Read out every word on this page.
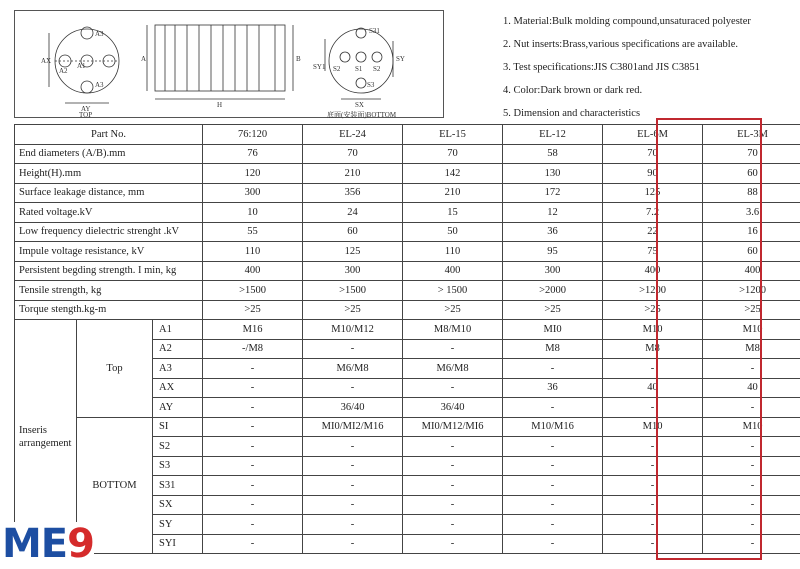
A3
A1
A2
A3
AX
AY
TOP
A	B
H
S31
S2 S1 S2
SY1
SY
S3
SX
底面(安装面)BOTTOM
1. Material:Bulk molding compound,unsaturaced polyester
2. Nut inserts:Brass,various specifications are available.
3. Test specifications:JIS C3801and JIS C3851
4. Color:Dark brown or dark red.
5. Dimension and characteristics
Part No.			76:120	EL-24	EL-15	EL-12	EL-6M	EL-3M
End diameters (A/B).mm			76	70	70	58	70	70
Height(H).mm			120	210	142	130	90	60
Surface leakage distance, mm			300	356	210	172	125	88
Rated voltage.kV			10	24	15	12	7.2	3.6
Low frequency dielectric strenght .kV			55	60	50	36	22	16
Impule voltage resistance, kV			110	125	110	95	75	60
Persistent begding strength. I min, kg			400	300	400	300	400	400
Tensile strength, kg			>1500	>1500	> 1500	>2000	>1200	>1200
Torque stength.kg-m			>25	>25	>25	>25	>25	>25
Inseris arrangement	Top	A1	M16	M10/M12	M8/M10	MI0	M10	M10
		A2	-/M8	-	-	M8	M8	M8
		A3	-	M6/M8	M6/M8	-	-	-
		AX	-	-	-	36	40	40
		AY	-	36/40	36/40	-	-	-
	BOTTOM	SI	-	MI0/MI2/M16	MI0/M12/MI6	M10/M16	M10	M10
		S2	-	-	-	-	-	-
		S3	-	-	-	-	-	-
		S31	-	-	-	-	-	-
		SX	-	-	-	-	-	-
		SY	-	-	-	-	-	-
		SYI	-	-	-	-	-	-
ME9
